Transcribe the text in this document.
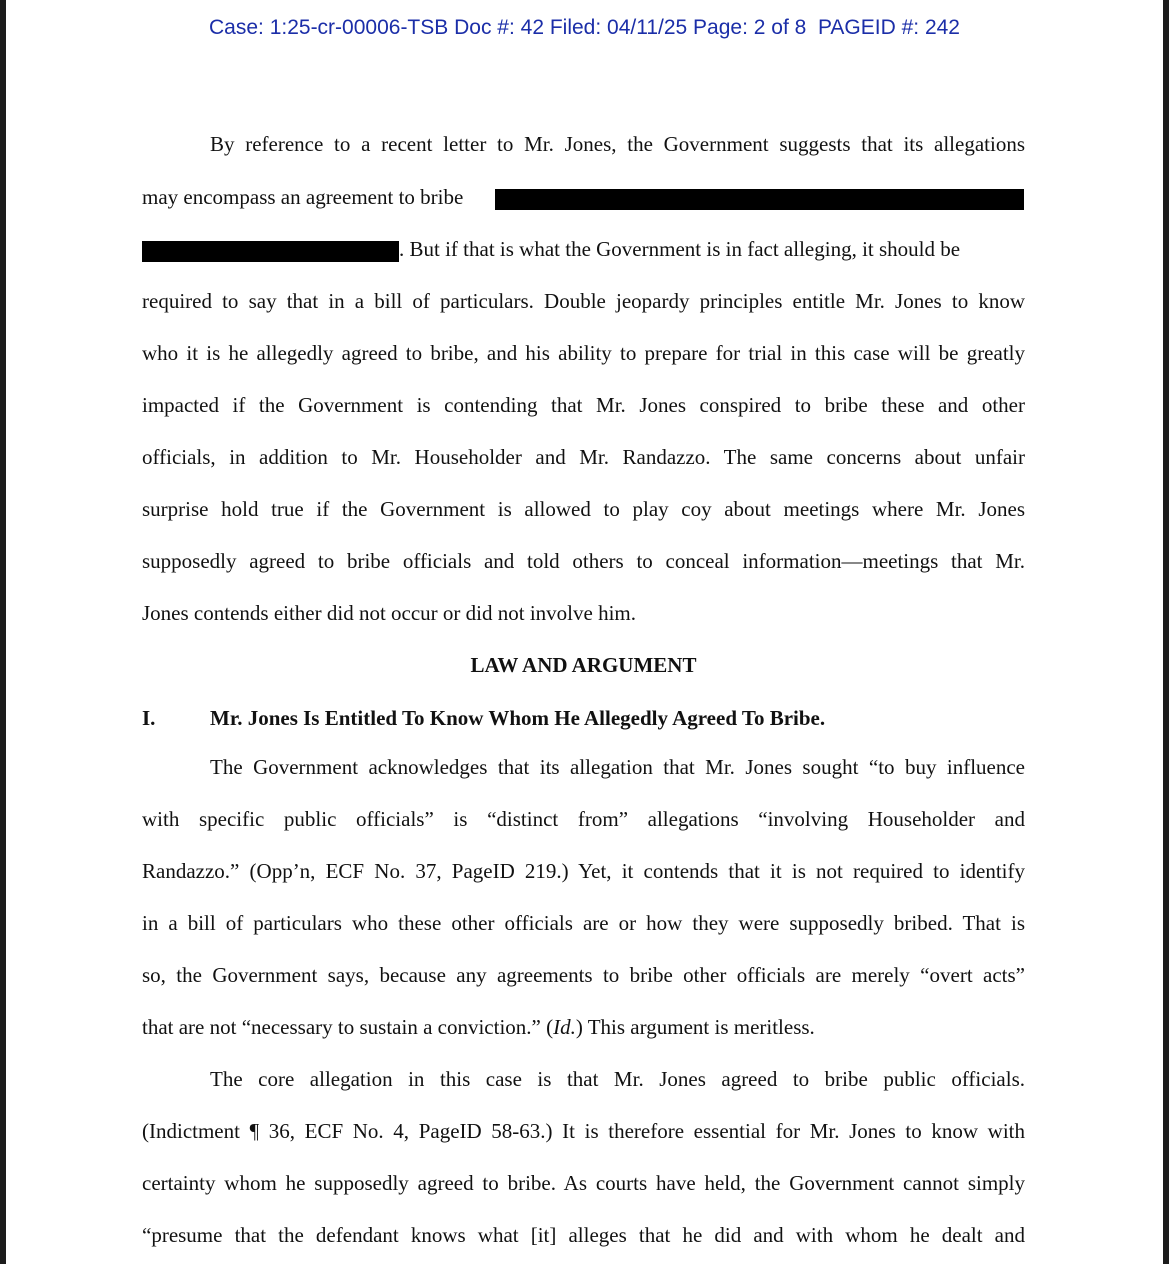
Case: 1:25-cr-00006-TSB Doc #: 42 Filed: 04/11/25 Page: 2 of 8  PAGEID #: 242
By reference to a recent letter to Mr. Jones, the Government suggests that its allegations
may encompass an agreement to bribe
. But if that is what the Government is in fact alleging, it should be
required to say that in a bill of particulars. Double jeopardy principles entitle Mr. Jones to know
who it is he allegedly agreed to bribe, and his ability to prepare for trial in this case will be greatly
impacted if the Government is contending that Mr. Jones conspired to bribe these and other
officials, in addition to Mr. Householder and Mr. Randazzo. The same concerns about unfair
surprise hold true if the Government is allowed to play coy about meetings where Mr. Jones
supposedly agreed to bribe officials and told others to conceal information—meetings that Mr.
Jones contends either did not occur or did not involve him.
LAW AND ARGUMENT
I.	Mr. Jones Is Entitled To Know Whom He Allegedly Agreed To Bribe.
The Government acknowledges that its allegation that Mr. Jones sought “to buy influence
with specific public officials” is “distinct from” allegations “involving Householder and
Randazzo.” (Opp’n, ECF No. 37, PageID 219.) Yet, it contends that it is not required to identify
in a bill of particulars who these other officials are or how they were supposedly bribed. That is
so, the Government says, because any agreements to bribe other officials are merely “overt acts”
that are not “necessary to sustain a conviction.” (Id.) This argument is meritless.
The core allegation in this case is that Mr. Jones agreed to bribe public officials.
(Indictment ¶ 36, ECF No. 4, PageID 58-63.) It is therefore essential for Mr. Jones to know with
certainty whom he supposedly agreed to bribe. As courts have held, the Government cannot simply
“presume that the defendant knows what [it] alleges that he did and with whom he dealt and
